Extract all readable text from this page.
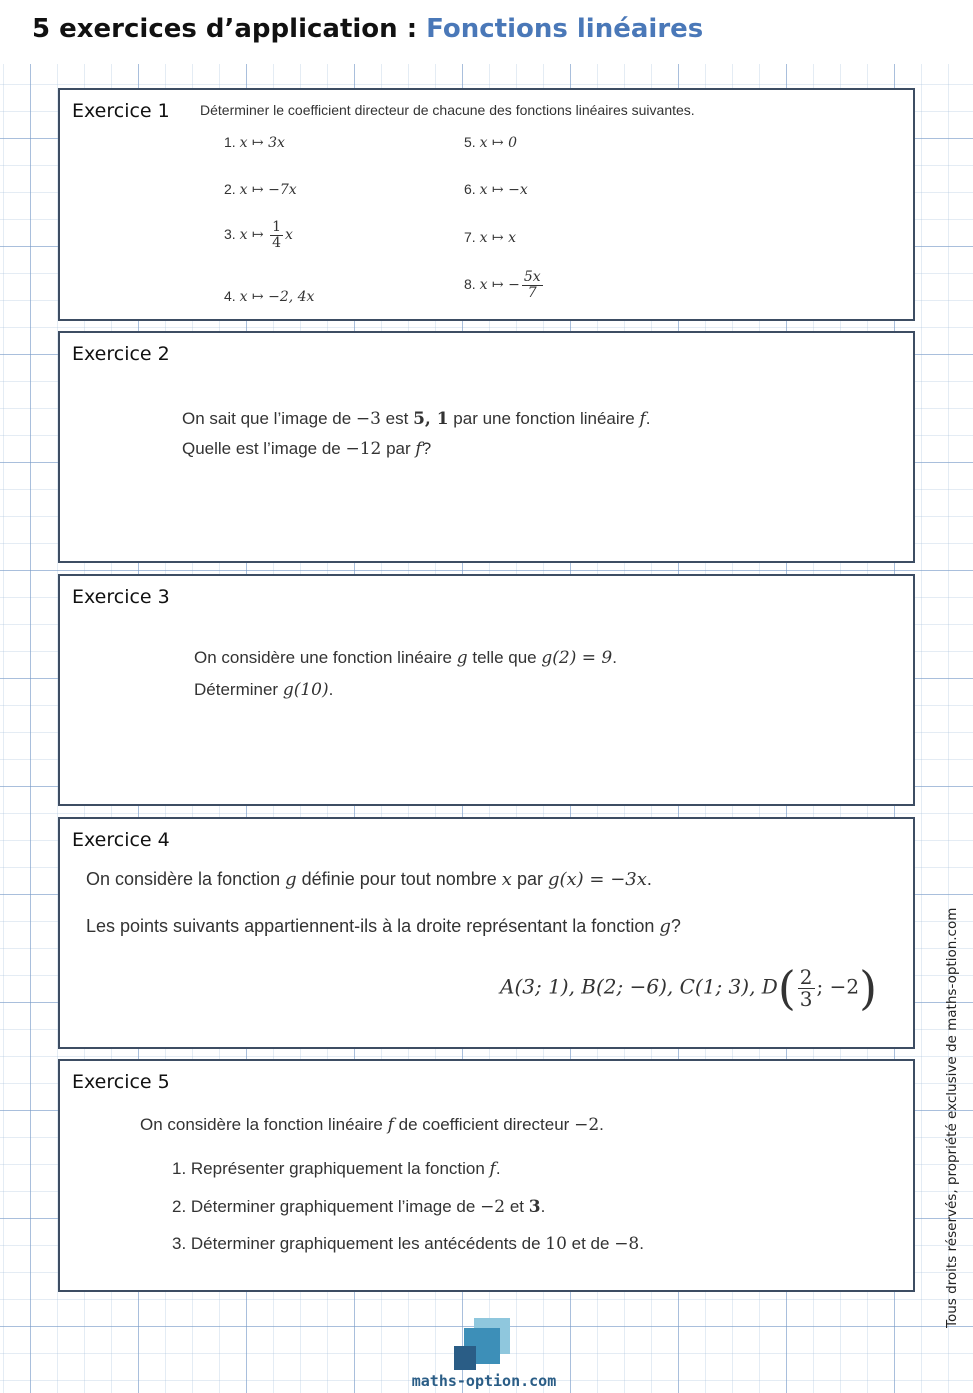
5 exercices d’application : Fonctions linéaires
Exercice 1 Déterminer le coefficient directeur de chacune des fonctions linéaires suivantes.
1. x ↦ 3x
2. x ↦ −7x
3. x ↦ $\frac{1}{4}$ x
4. x ↦ −2, 4x
5. x ↦ 0
6. x ↦ −x
7. x ↦ x
8. x ↦ − $\frac{5x}{7}$
Exercice 2
On sait que l’image de −3 est 5, 1 par une fonction linéaire f.
Quelle est l’image de −12 par f?
Exercice 3
On considère une fonction linéaire g telle que g(2) = 9.
Déterminer g(10).
Exercice 4
On considère la fonction g définie pour tout nombre x par g(x) = −3x.
Les points suivants appartiennent-ils à la droite représentant la fonction g?
A(3; 1), B(2; −6), C(1; 3), $D( \frac{2}{3}$ ; −2)
Exercice 5
On considère la fonction linéaire f de coefficient directeur −2.
1. Représenter graphiquement la fonction f.
2. Déterminer graphiquement l’image de −2 et 3.
3. Déterminer graphiquement les antécédents de 10 et de −8.	Tous droits réservés, propriété exclusive de maths-option.com
maths-option.com
